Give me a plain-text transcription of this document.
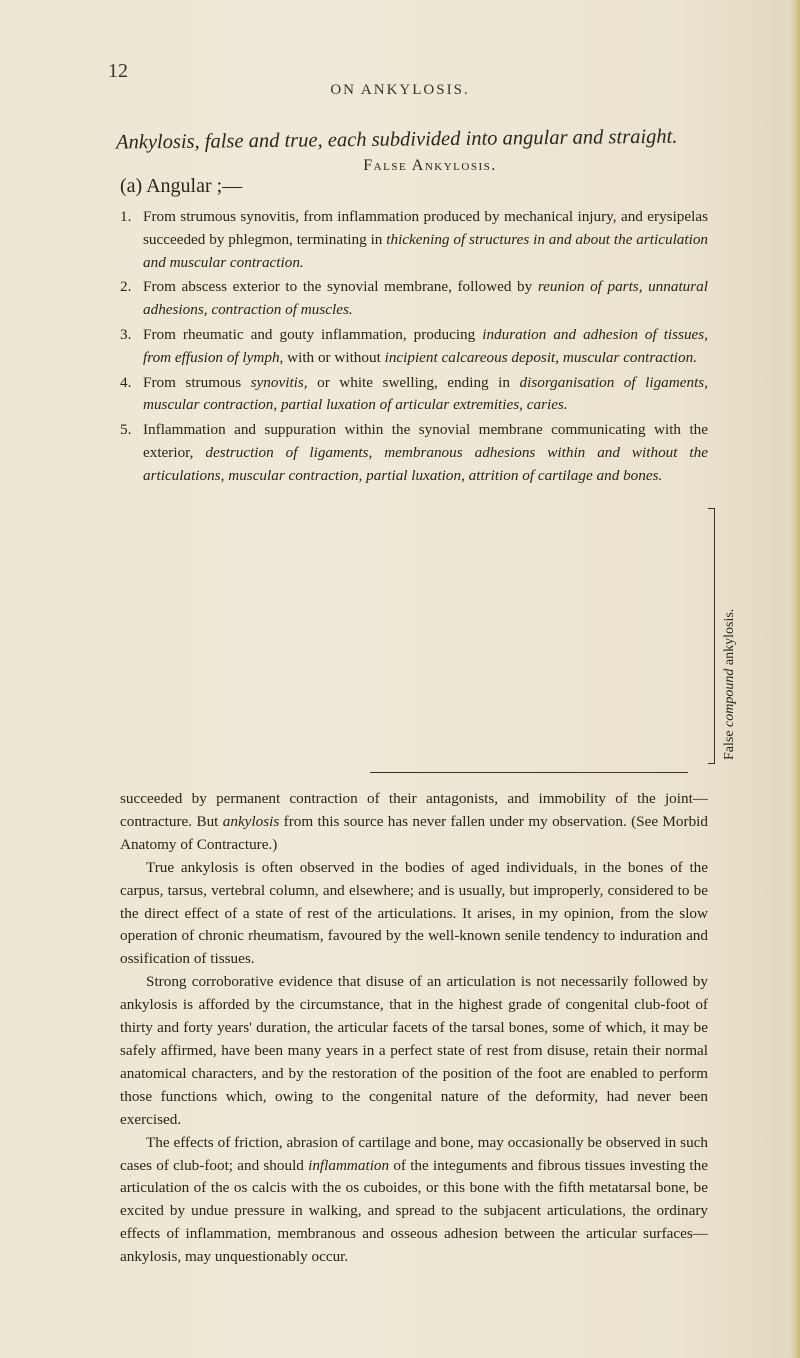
12
ON ANKYLOSIS.
Ankylosis, false and true, each subdivided into angular and straight.
False Ankylosis.
(a) Angular ;—
1. From strumous synovitis, from inflammation produced by mechanical injury, and erysipelas succeeded by phlegmon, terminating in thickening of structures in and about the articulation and muscular contraction.
2. From abscess exterior to the synovial membrane, followed by reunion of parts, unnatural adhesions, contraction of muscles.
3. From rheumatic and gouty inflammation, producing induration and adhesion of tissues, from effusion of lymph, with or without incipient calcareous deposit, muscular contraction.
4. From strumous synovitis, or white swelling, ending in disorganisation of ligaments, muscular contraction, partial luxation of articular extremities, caries.
5. Inflammation and suppuration within the synovial membrane communicating with the exterior, destruction of ligaments, membranous adhesions within and without the articulations, muscular contraction, partial luxation, attrition of cartilage and bones.
False compound ankylosis.

succeeded by permanent contraction of their antagonists, and immobility of the joint—contracture. But ankylosis from this source has never fallen under my observation. (See Morbid Anatomy of Contracture.)

True ankylosis is often observed in the bodies of aged individuals, in the bones of the carpus, tarsus, vertebral column, and elsewhere; and is usually, but improperly, considered to be the direct effect of a state of rest of the articulations. It arises, in my opinion, from the slow operation of chronic rheumatism, favoured by the well-known senile tendency to induration and ossification of tissues.

Strong corroborative evidence that disuse of an articulation is not necessarily followed by ankylosis is afforded by the circumstance, that in the highest grade of congenital club-foot of thirty and forty years' duration, the articular facets of the tarsal bones, some of which, it may be safely affirmed, have been many years in a perfect state of rest from disuse, retain their normal anatomical characters, and by the restoration of the position of the foot are enabled to perform those functions which, owing to the congenital nature of the deformity, had never been exercised.

The effects of friction, abrasion of cartilage and bone, may occasionally be observed in such cases of club-foot; and should inflammation of the integuments and fibrous tissues investing the articulation of the os calcis with the os cuboides, or this bone with the fifth metatarsal bone, be excited by undue pressure in walking, and spread to the subjacent articulations, the ordinary effects of inflammation, membranous and osseous adhesion between the articular surfaces—ankylosis, may unquestionably occur.
